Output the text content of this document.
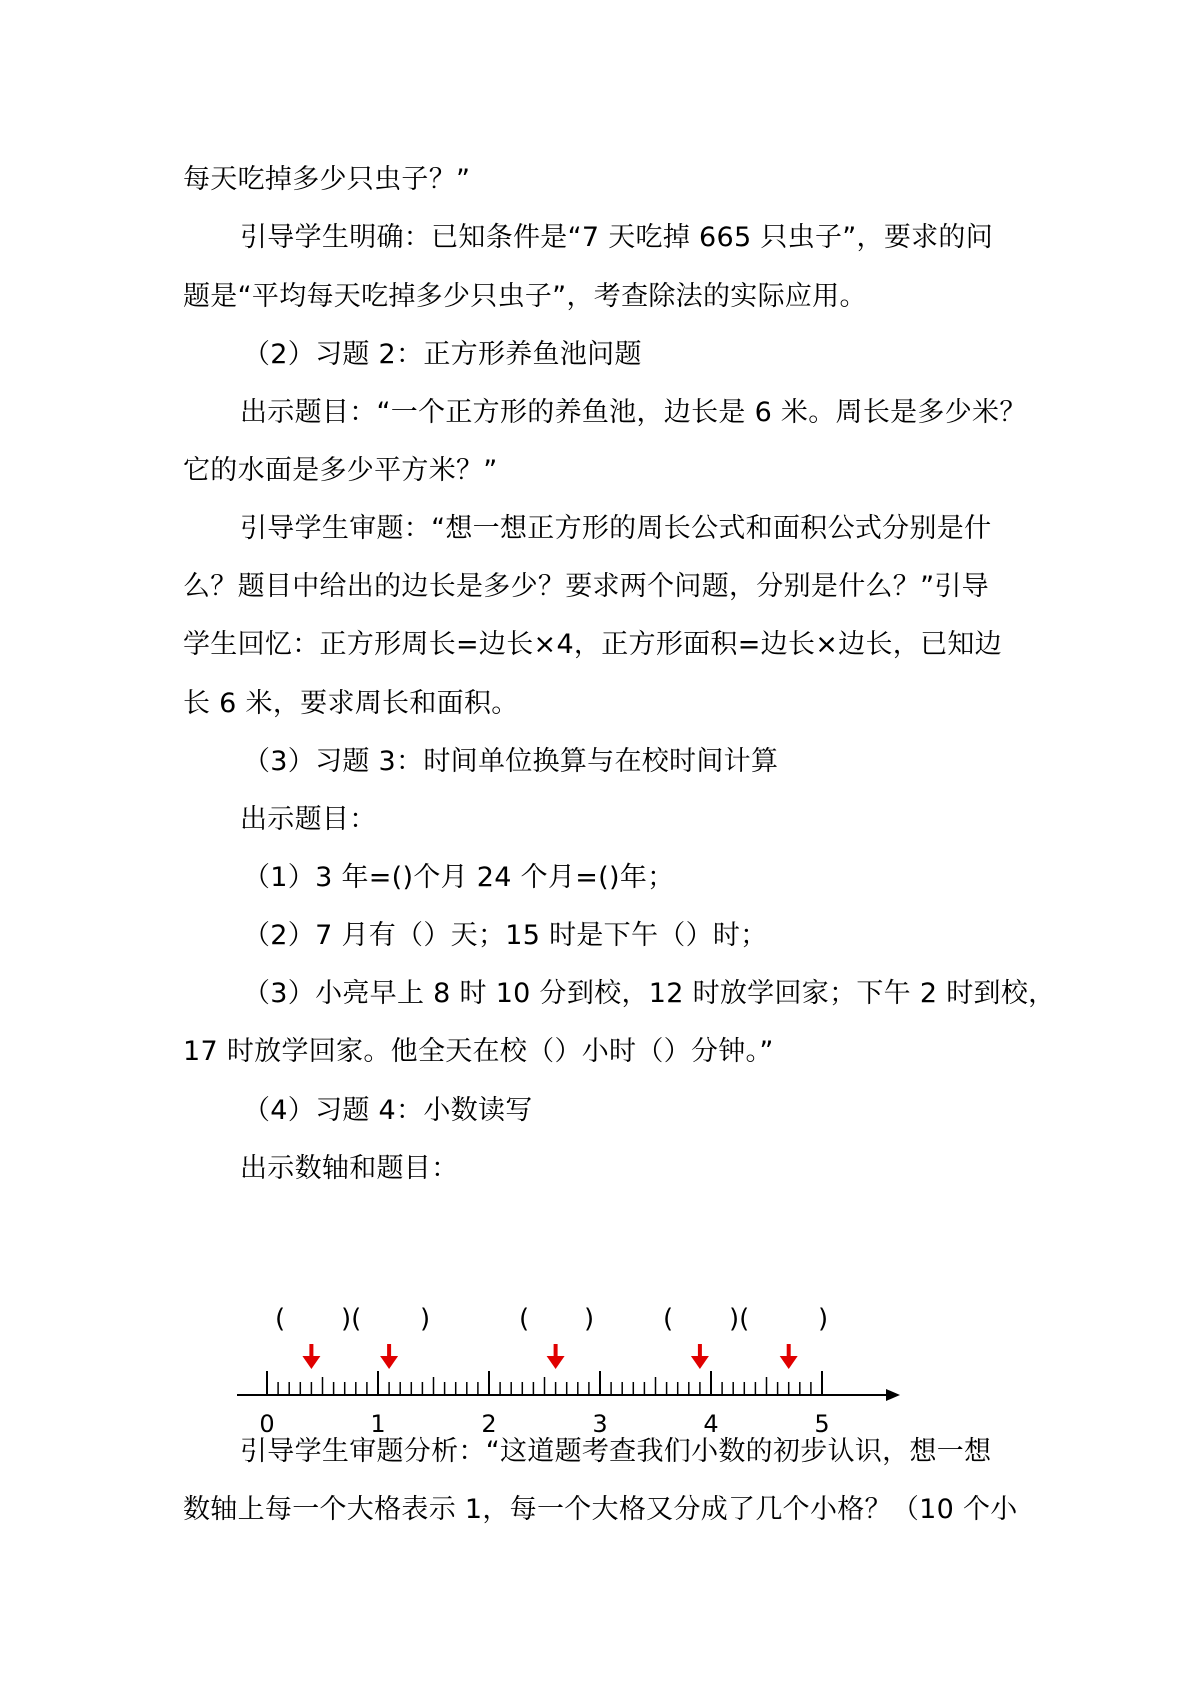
每天吃掉多少只虫子？”
引导学生明确：已知条件是“7 天吃掉 665 只虫子”，要求的问
题是“平均每天吃掉多少只虫子”，考查除法的实际应用。
（2）习题 2：正方形养鱼池问题
出示题目：“一个正方形的养鱼池，边长是 6 米。周长是多少米？
它的水面是多少平方米？”
引导学生审题：“想一想正方形的周长公式和面积公式分别是什
么？题目中给出的边长是多少？要求两个问题，分别是什么？”引导
学生回忆：正方形周长=边长×4，正方形面积=边长×边长，已知边
长 6 米，要求周长和面积。
（3）习题 3：时间单位换算与在校时间计算
出示题目：
（1）3 年=()个月 24 个月=()年；
（2）7 月有（）天；15 时是下午（）时；
（3）小亮早上 8 时 10 分到校，12 时放学回家；下午 2 时到校，
17 时放学回家。他全天在校（）小时（）分钟。”
（4）习题 4：小数读写
出示数轴和题目：
( )( )	( )	( )(	)
0	1	2	3	4	5
引导学生审题分析：“这道题考查我们小数的初步认识，想一想
数轴上每一个大格表示 1，每一个大格又分成了几个小格？（10 个小
